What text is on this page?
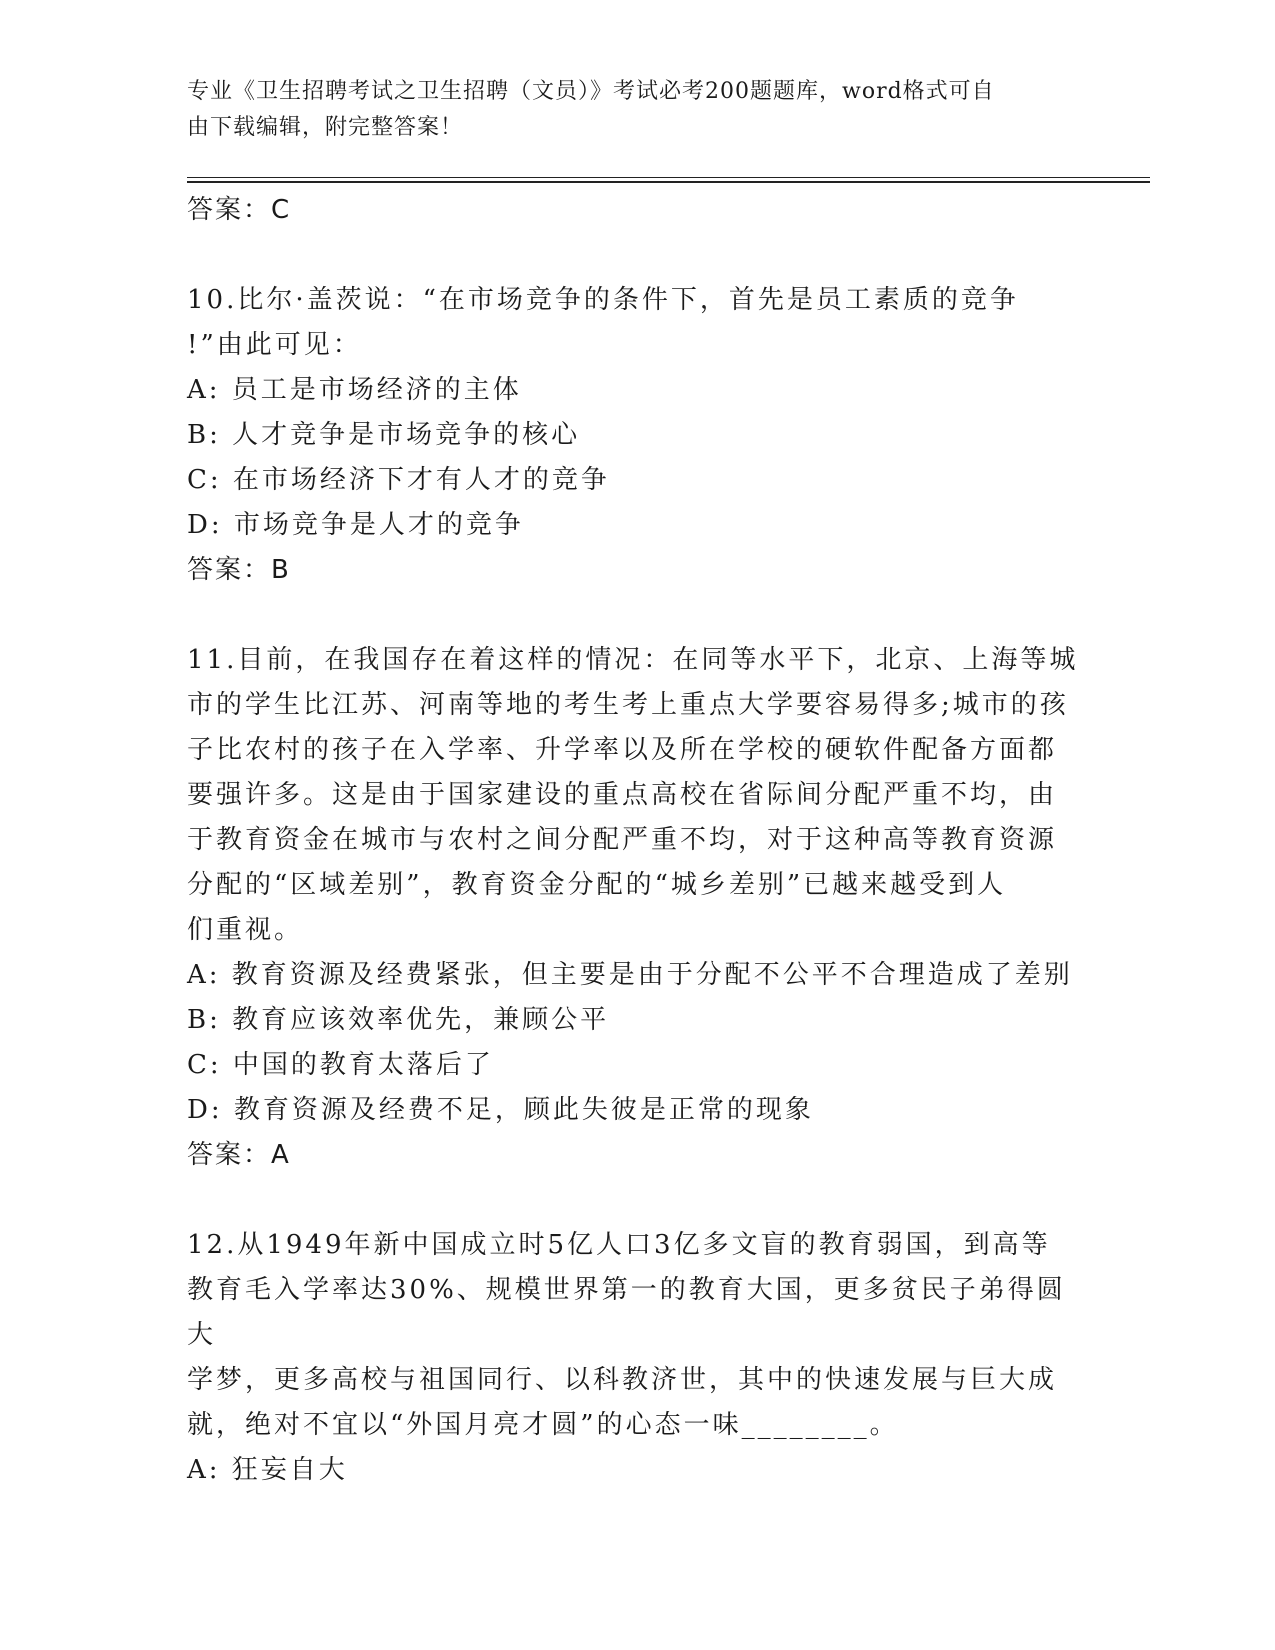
专业《卫生招聘考试之卫生招聘（文员）》考试必考200题题库，word格式可自
由下载编辑，附完整答案！
答案：C
10.比尔·盖茨说：“在市场竞争的条件下，首先是员工素质的竞争
!”由此可见：
A: 员工是市场经济的主体
B: 人才竞争是市场竞争的核心
C: 在市场经济下才有人才的竞争
D: 市场竞争是人才的竞争
答案：B
11.目前，在我国存在着这样的情况：在同等水平下，北京、上海等城
市的学生比江苏、河南等地的考生考上重点大学要容易得多;城市的孩
子比农村的孩子在入学率、升学率以及所在学校的硬软件配备方面都
要强许多。这是由于国家建设的重点高校在省际间分配严重不均，由
于教育资金在城市与农村之间分配严重不均，对于这种高等教育资源
分配的“区域差别”，教育资金分配的“城乡差别”已越来越受到人
们重视。
A: 教育资源及经费紧张，但主要是由于分配不公平不合理造成了差别
B: 教育应该效率优先，兼顾公平
C: 中国的教育太落后了
D: 教育资源及经费不足，顾此失彼是正常的现象
答案：A
12.从1949年新中国成立时5亿人口3亿多文盲的教育弱国，到高等
教育毛入学率达30%、规模世界第一的教育大国，更多贫民子弟得圆大
学梦，更多高校与祖国同行、以科教济世，其中的快速发展与巨大成
就，绝对不宜以“外国月亮才圆”的心态一味________。
A: 狂妄自大
